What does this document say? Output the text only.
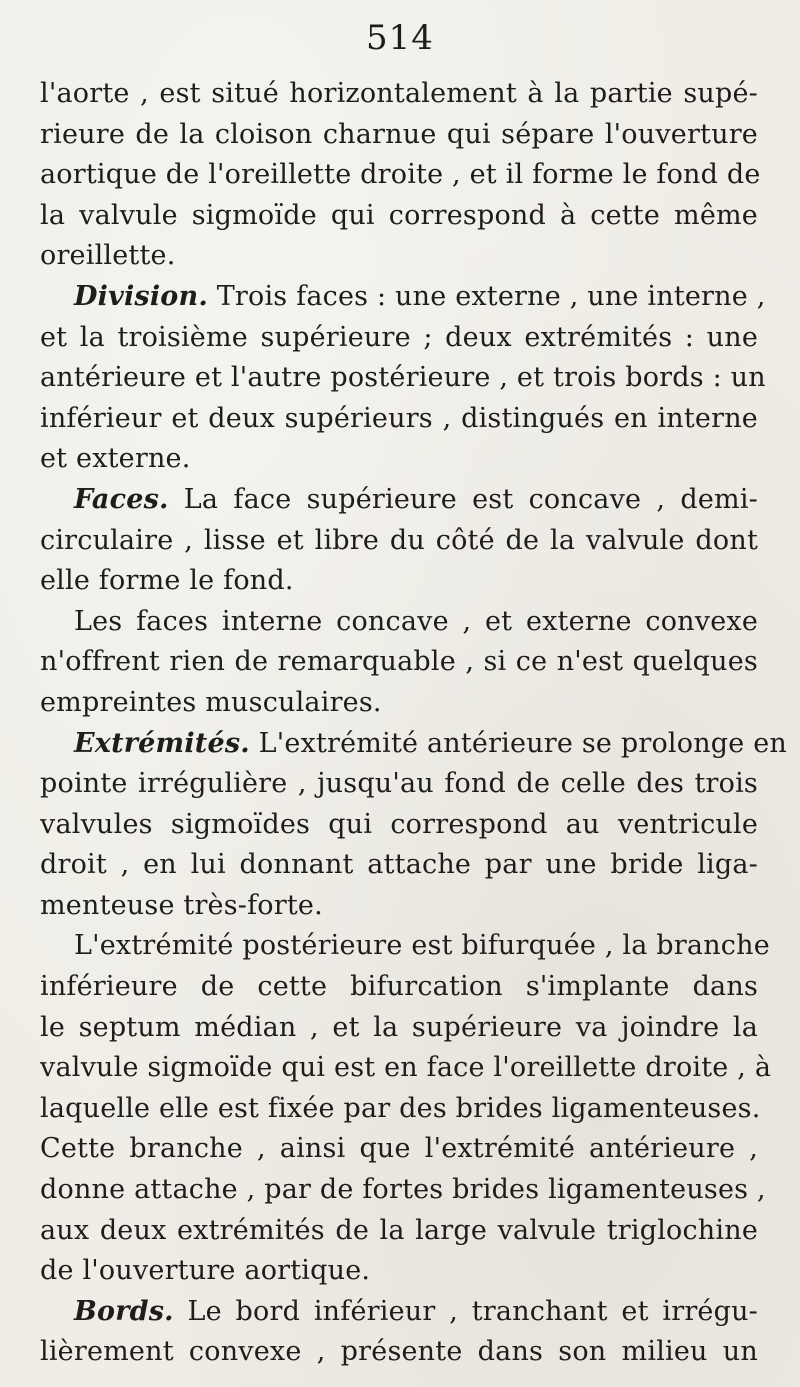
514
l'aorte , est situé horizontalement à la partie supé-
rieure de la cloison charnue qui sépare l'ouverture
aortique de l'oreillette droite , et il forme le fond de
la valvule sigmoïde qui correspond à cette même
oreillette.
Division. Trois faces : une externe , une interne ,
et la troisième supérieure ; deux extrémités : une
antérieure et l'autre postérieure , et trois bords : un
inférieur et deux supérieurs , distingués en interne
et externe.
Faces. La face supérieure est concave , demi-
circulaire , lisse et libre du côté de la valvule dont
elle forme le fond.
Les faces interne concave , et externe convexe
n'offrent rien de remarquable , si ce n'est quelques
empreintes musculaires.
Extrémités. L'extrémité antérieure se prolonge en
pointe irrégulière , jusqu'au fond de celle des trois
valvules sigmoïdes qui correspond au ventricule
droit , en lui donnant attache par une bride liga-
menteuse très-forte.
L'extrémité postérieure est bifurquée , la branche
inférieure de cette bifurcation s'implante dans
le septum médian , et la supérieure va joindre la
valvule sigmoïde qui est en face l'oreillette droite , à
laquelle elle est fixée par des brides ligamenteuses.
Cette branche , ainsi que l'extrémité antérieure ,
donne attache , par de fortes brides ligamenteuses ,
aux deux extrémités de la large valvule triglochine
de l'ouverture aortique.
Bords. Le bord inférieur , tranchant et irrégu-
lièrement convexe , présente dans son milieu un
